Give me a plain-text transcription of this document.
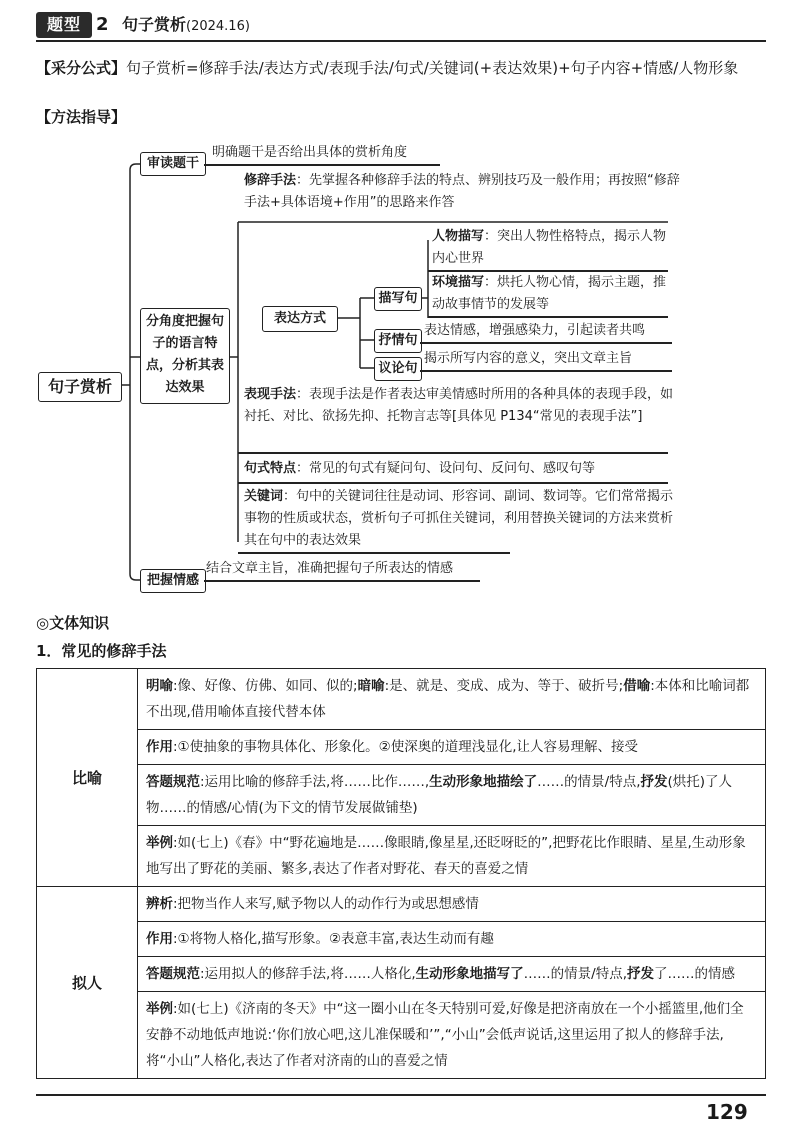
题型 2 句子赏析(2024.16)
【采分公式】句子赏析=修辞手法/表达方式/表现手法/句式/关键词(+表达效果)+句子内容+情感/人物形象
【方法指导】
句子赏析
审读题干
明确题干是否给出具体的赏析角度
分角度把握句子的语言特点，分析其表达效果
修辞手法：先掌握各种修辞手法的特点、辨别技巧及一般作用；再按照“修辞手法+具体语境+作用”的思路来作答
表达方式
描写句
人物描写：突出人物性格特点，揭示人物内心世界
环境描写：烘托人物心情，揭示主题，推动故事情节的发展等
抒情句
表达情感，增强感染力，引起读者共鸣
议论句
揭示所写内容的意义，突出文章主旨
表现手法：表现手法是作者表达审美情感时所用的各种具体的表现手段，如衬托、对比、欲扬先抑、托物言志等[具体见 P134“常见的表现手法”]
句式特点：常见的句式有疑问句、设问句、反问句、感叹句等
关键词：句中的关键词往往是动词、形容词、副词、数词等。它们常常揭示事物的性质或状态，赏析句子可抓住关键词，利用替换关键词的方法来赏析其在句中的表达效果
把握情感
结合文章主旨，准确把握句子所表达的情感
◎文体知识
1．常见的修辞手法
比喻	明喻:像、好像、仿佛、如同、似的;暗喻:是、就是、变成、成为、等于、破折号;借喻:本体和比喻词都不出现,借用喻体直接代替本体
	作用:①使抽象的事物具体化、形象化。②使深奥的道理浅显化,让人容易理解、接受
	答题规范:运用比喻的修辞手法,将……比作……,生动形象地描绘了……的情景/特点,抒发(烘托)了人物……的情感/心情(为下文的情节发展做铺垫)
	举例:如(七上)《春》中“野花遍地是……像眼睛,像星星,还眨呀眨的”,把野花比作眼睛、星星,生动形象地写出了野花的美丽、繁多,表达了作者对野花、春天的喜爱之情
拟人	辨析:把物当作人来写,赋予物以人的动作行为或思想感情
	作用:①将物人格化,描写形象。②表意丰富,表达生动而有趣
	答题规范:运用拟人的修辞手法,将……人格化,生动形象地描写了……的情景/特点,抒发了……的情感
	举例:如(七上)《济南的冬天》中“这一圈小山在冬天特别可爱,好像是把济南放在一个小摇篮里,他们全安静不动地低声地说:‘你们放心吧,这儿准保暖和’”,“小山”会低声说话,这里运用了拟人的修辞手法,将“小山”人格化,表达了作者对济南的山的喜爱之情
129
